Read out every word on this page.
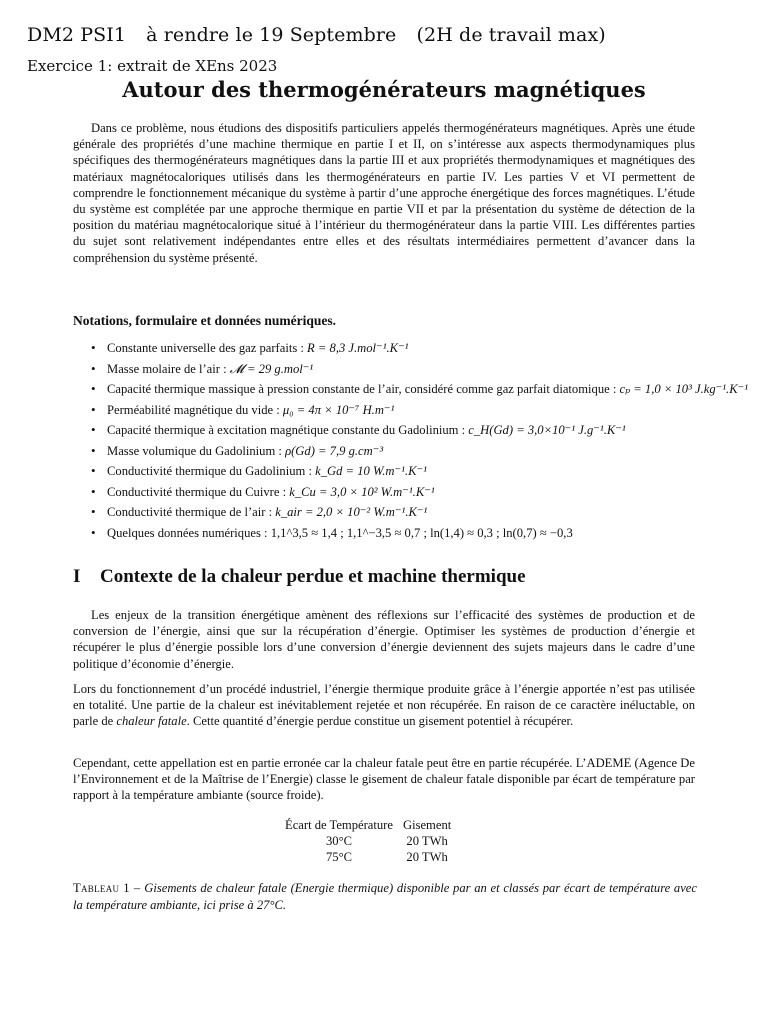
DM2 PSI1 à rendre le 19 Septembre (2H de travail max)
Exercice 1: extrait de XEns 2023
Autour des thermogénérateurs magnétiques
Dans ce problème, nous étudions des dispositifs particuliers appelés thermogénérateurs magnétiques. Après une étude générale des propriétés d’une machine thermique en partie I et II, on s’intéresse aux aspects thermodynamiques plus spécifiques des thermogénérateurs magnétiques dans la partie III et aux propriétés thermodynamiques et magnétiques des matériaux magnétocaloriques utilisés dans les thermogénérateurs en partie IV. Les parties V et VI permettent de comprendre le fonctionnement mécanique du système à partir d’une approche énergétique des forces magnétiques. L’étude du système est complétée par une approche thermique en partie VII et par la présentation du système de détection de la position du matériau magnétocalorique situé à l’intérieur du thermogénérateur dans la partie VIII. Les différentes parties du sujet sont relativement indépendantes entre elles et des résultats intermédiaires permettent d’avancer dans la compréhension du système présenté.
Notations, formulaire et données numériques.
• Constante universelle des gaz parfaits : R = 8,3 J.mol⁻¹.K⁻¹
• Masse molaire de l’air : 𝓜 = 29 g.mol⁻¹
• Capacité thermique massique à pression constante de l’air, considéré comme gaz parfait diatomique : cₚ = 1,0 × 10³ J.kg⁻¹.K⁻¹
• Perméabilité magnétique du vide : μ₀ = 4π × 10⁻⁷ H.m⁻¹
• Capacité thermique à excitation magnétique constante du Gadolinium : c_H(Gd) = 3,0×10⁻¹ J.g⁻¹.K⁻¹
• Masse volumique du Gadolinium : ρ(Gd) = 7,9 g.cm⁻³
• Conductivité thermique du Gadolinium : k_Gd = 10 W.m⁻¹.K⁻¹
• Conductivité thermique du Cuivre : k_Cu = 3,0 × 10² W.m⁻¹.K⁻¹
• Conductivité thermique de l’air : k_air = 2,0 × 10⁻² W.m⁻¹.K⁻¹
• Quelques données numériques : 1,1^3,5 ≈ 1,4 ; 1,1^−3,5 ≈ 0,7 ; ln(1,4) ≈ 0,3 ; ln(0,7) ≈ −0,3
I Contexte de la chaleur perdue et machine thermique
Les enjeux de la transition énergétique amènent des réflexions sur l’efficacité des systèmes de production et de conversion de l’énergie, ainsi que sur la récupération d’énergie. Optimiser les systèmes de production d’énergie et récupérer le plus d’énergie possible lors d’une conversion d’énergie deviennent des sujets majeurs dans le cadre d’une politique d’économie d’énergie.
Lors du fonctionnement d’un procédé industriel, l’énergie thermique produite grâce à l’énergie apportée n’est pas utilisée en totalité. Une partie de la chaleur est inévitablement rejetée et non récupérée. En raison de ce caractère inéluctable, on parle de chaleur fatale. Cette quantité d’énergie perdue constitue un gisement potentiel à récupérer.
Cependant, cette appellation est en partie erronée car la chaleur fatale peut être en partie récupérée. L’ADEME (Agence De l’Environnement et de la Maîtrise de l’Energie) classe le gisement de chaleur fatale disponible par écart de température par rapport à la température ambiante (source froide).
Écart de Température	Gisement
30°C	20 TWh
75°C	20 TWh
Tableau 1 – Gisements de chaleur fatale (Energie thermique) disponible par an et classés par écart de température avec la température ambiante, ici prise à 27°C.
